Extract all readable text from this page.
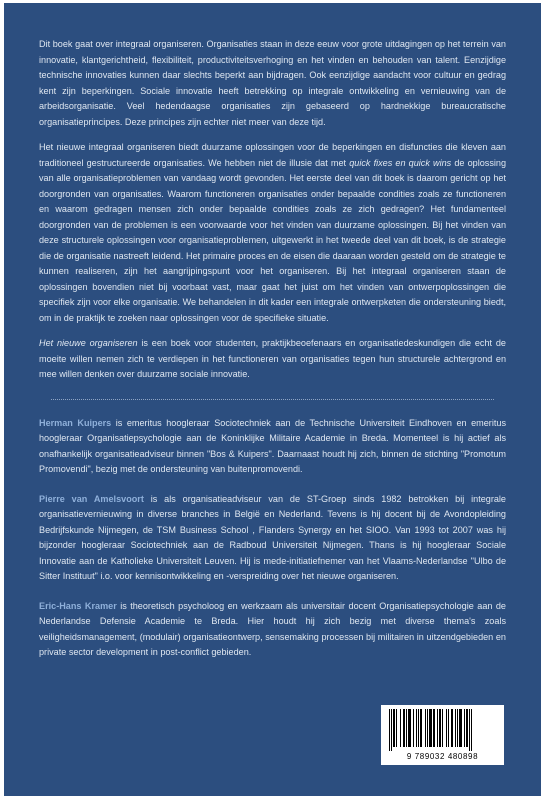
Dit boek gaat over integraal organiseren. Organisaties staan in deze eeuw voor grote uitdagingen op het terrein van innovatie, klantgerichtheid, flexibiliteit, productiviteitsverhoging en het vinden en behouden van talent. Eenzijdige technische innovaties kunnen daar slechts beperkt aan bijdragen. Ook eenzijdige aandacht voor cultuur en gedrag kent zijn beperkingen. Sociale innovatie heeft betrekking op integrale ontwikkeling en vernieuwing van de arbeidsorganisatie. Veel hedendaagse organisaties zijn gebaseerd op hardnekkige bureaucratische organisatieprincipes. Deze principes zijn echter niet meer van deze tijd.

Het nieuwe integraal organiseren biedt duurzame oplossingen voor de beperkingen en disfuncties die kleven aan traditioneel gestructureerde organisaties. We hebben niet de illusie dat met quick fixes en quick wins de oplossing van alle organisatieproblemen van vandaag wordt gevonden. Het eerste deel van dit boek is daarom gericht op het doorgronden van organisaties. Waarom functioneren organisaties onder bepaalde condities zoals ze functioneren en waarom gedragen mensen zich onder bepaalde condities zoals ze zich gedragen? Het fundamenteel doorgronden van de problemen is een voorwaarde voor het vinden van duurzame oplossingen. Bij het vinden van deze structurele oplossingen voor organisatieproblemen, uitgewerkt in het tweede deel van dit boek, is de strategie die de organisatie nastreeft leidend. Het primaire proces en de eisen die daaraan worden gesteld om de strategie te kunnen realiseren, zijn het aangrijpingspunt voor het organiseren. Bij het integraal organiseren staan de oplossingen bovendien niet bij voorbaat vast, maar gaat het juist om het vinden van ontwerpoplossingen die specifiek zijn voor elke organisatie. We behandelen in dit kader een integrale ontwerpketen die ondersteuning biedt, om in de praktijk te zoeken naar oplossingen voor de specifieke situatie.

Het nieuwe organiseren is een boek voor studenten, praktijkbeoefenaars en organisatiedeskundigen die echt de moeite willen nemen zich te verdiepen in het functioneren van organisaties tegen hun structurele achtergrond en mee willen denken over duurzame sociale innovatie.

Herman Kuipers is emeritus hoogleraar Sociotechniek aan de Technische Universiteit Eindhoven en emeritus hoogleraar Organisatiepsychologie aan de Koninklijke Militaire Academie in Breda. Momenteel is hij actief als onafhankelijk organisatieadviseur binnen "Bos & Kuipers". Daarnaast houdt hij zich, binnen de stichting "Promotum Promovendi", bezig met de ondersteuning van buitenpromovendi.

Pierre van Amelsvoort is als organisatieadviseur van de ST-Groep sinds 1982 betrokken bij integrale organisatievernieuwing in diverse branches in België en Nederland. Tevens is hij docent bij de Avondopleiding Bedrijfskunde Nijmegen, de TSM Business School , Flanders Synergy en het SIOO. Van 1993 tot 2007 was hij bijzonder hoogleraar Sociotechniek aan de Radboud Universiteit Nijmegen. Thans is hij hoogleraar Sociale Innovatie aan de Katholieke Universiteit Leuven. Hij is mede-initiatiefnemer van het Vlaams-Nederlandse "Ulbo de Sitter Instituut" i.o. voor kennisontwikkeling en -verspreiding over het nieuwe organiseren.

Eric-Hans Kramer is theoretisch psycholoog en werkzaam als universitair docent Organisatiepsychologie aan de Nederlandse Defensie Academie te Breda. Hier houdt hij zich bezig met diverse thema's zoals veiligheidsmanagement, (modulair) organisatieontwerp, sensemaking processen bij militairen in uitzendgebieden en private sector development in post-conflict gebieden.

9 789032 480898
